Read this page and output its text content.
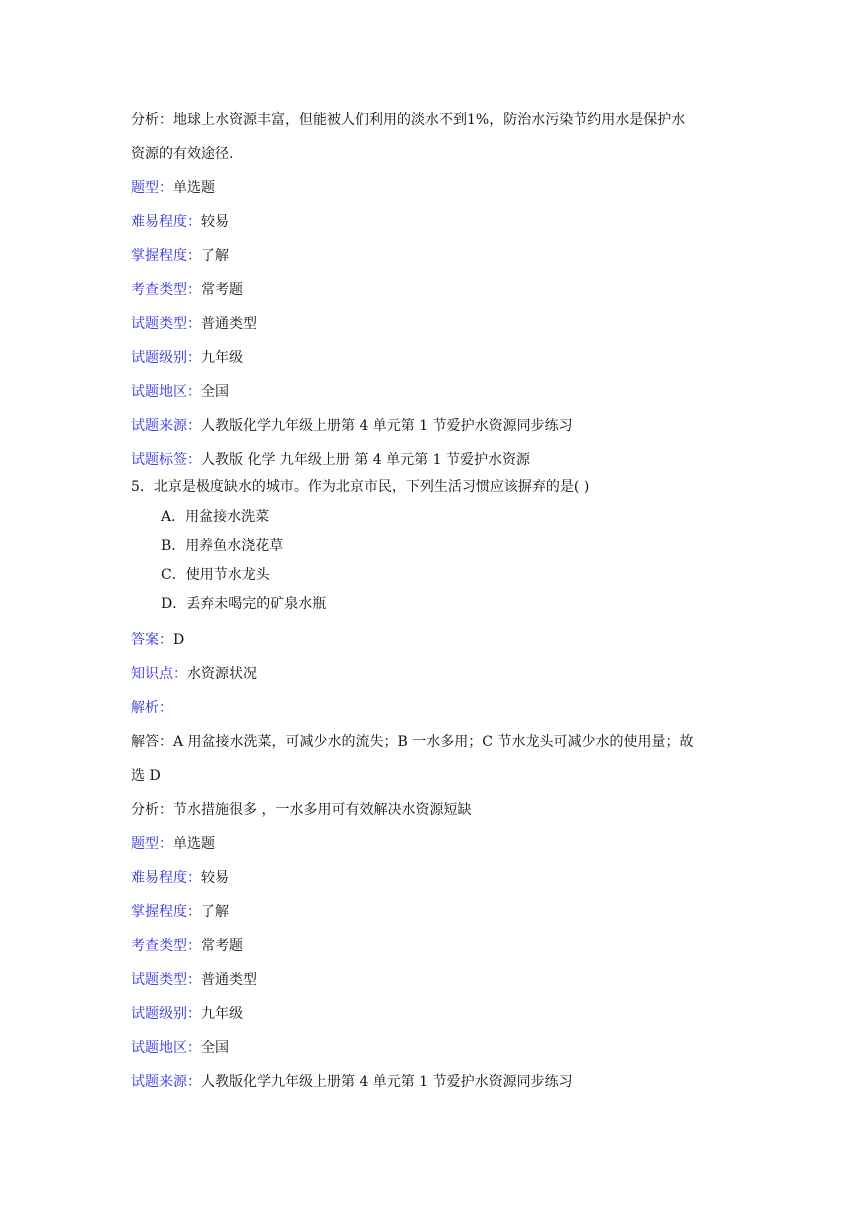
分析：地球上水资源丰富，但能被人们利用的淡水不到1%，防治水污染节约用水是保护水
资源的有效途径.
题型：单选题
难易程度：较易
掌握程度：了解
考查类型：常考题
试题类型：普通类型
试题级别：九年级
试题地区：全国
试题来源：人教版化学九年级上册第 4 单元第 1 节爱护水资源同步练习
试题标签：人教版 化学 九年级上册 第 4 单元第 1 节爱护水资源
5．北京是极度缺水的城市。作为北京市民，下列生活习惯应该摒弃的是( )
A．用盆接水洗菜
B．用养鱼水浇花草
C．使用节水龙头
D．丢弃未喝完的矿泉水瓶
答案：D
知识点：水资源状况
解析：
解答：A 用盆接水洗菜，可减少水的流失；B 一水多用；C 节水龙头可减少水的使用量；故
选 D
分析：节水措施很多 ，一水多用可有效解决水资源短缺
题型：单选题
难易程度：较易
掌握程度：了解
考查类型：常考题
试题类型：普通类型
试题级别：九年级
试题地区：全国
试题来源：人教版化学九年级上册第 4 单元第 1 节爱护水资源同步练习
